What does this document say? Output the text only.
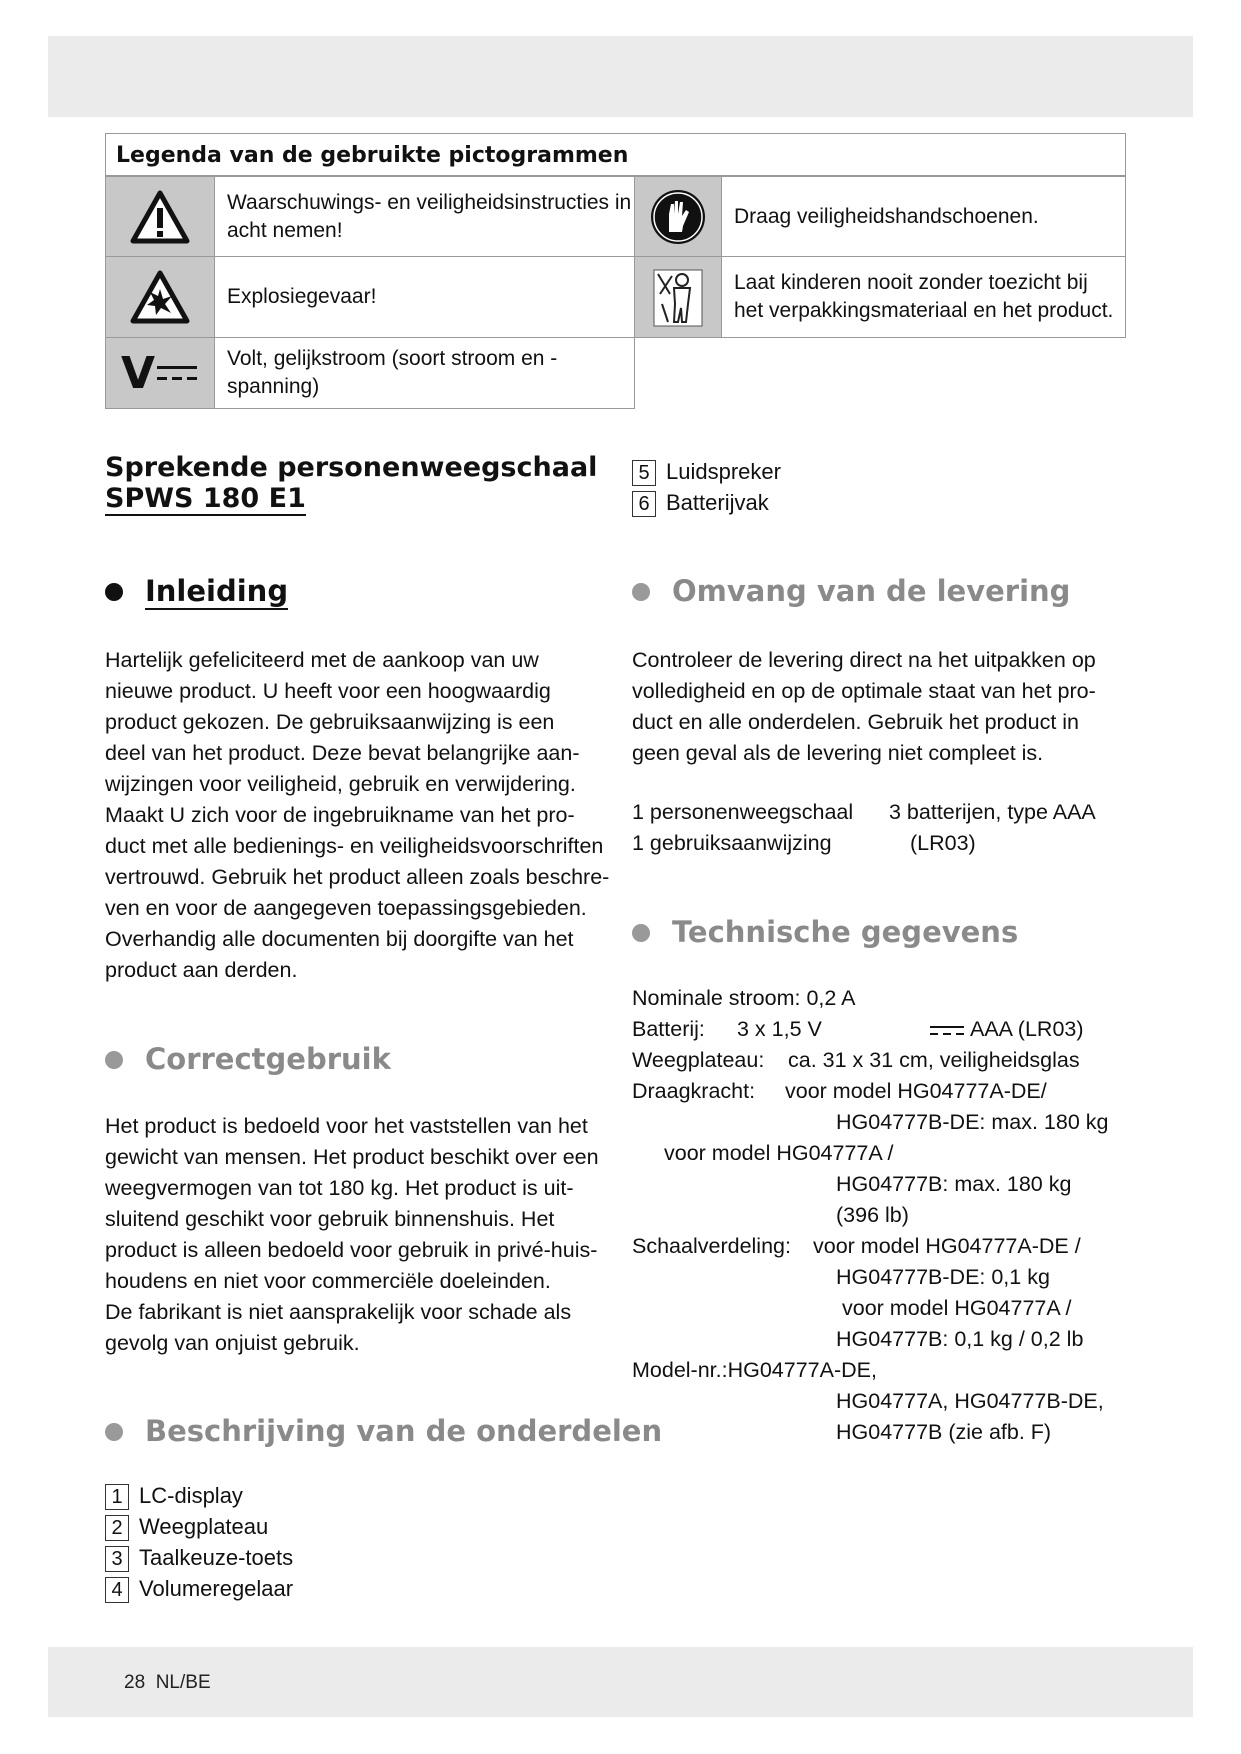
Legenda van de gebruikte pictogrammen
Waarschuwings- en veiligheidsinstructies in acht nemen!
Explosiegevaar!
V	Volt, gelijkstroom (soort stroom en -spanning)
Draag veiligheidshandschoenen.
Laat kinderen nooit zonder toezicht bij het verpakkingsmateriaal en het product.
Sprekende personenweegschaal
SPWS 180 E1
5 Luidspreker
6 Batterijvak
Inleiding
Hartelijk gefeliciteerd met de aankoop van uw
nieuwe product. U heeft voor een hoogwaardig
product gekozen. De gebruiksaanwijzing is een
deel van het product. Deze bevat belangrijke aan-
wijzingen voor veiligheid, gebruik en verwijdering.
Maakt U zich voor de ingebruikname van het pro-
duct met alle bedienings- en veiligheidsvoorschriften
vertrouwd. Gebruik het product alleen zoals beschre-
ven en voor de aangegeven toepassingsgebieden.
Overhandig alle documenten bij doorgifte van het
product aan derden.
Correctgebruik
Het product is bedoeld voor het vaststellen van het
gewicht van mensen. Het product beschikt over een
weegvermogen van tot 180 kg. Het product is uit-
sluitend geschikt voor gebruik binnenshuis. Het
product is alleen bedoeld voor gebruik in privé-huis-
houdens en niet voor commerciële doeleinden.
De fabrikant is niet aansprakelijk voor schade als
gevolg van onjuist gebruik.
Beschrijving van de onderdelen
1 LC-display
2 Weegplateau
3 Taalkeuze-toets
4 Volumeregelaar
Omvang van de levering
Controleer de levering direct na het uitpakken op
volledigheid en op de optimale staat van het pro-
duct en alle onderdelen. Gebruik het product in
geen geval als de levering niet compleet is.
1 personenweegschaal
1 gebruiksaanwijzing
3 batterijen, type AAA
(LR03)
Technische gegevens
Nominale stroom: 0,2 A
Batterij: 3 x 1,5 V	AAA (LR03)
Weegplateau: ca. 31 x 31 cm, veiligheidsglas
Draagkracht: voor model HG04777A-DE/
HG04777B-DE: max. 180 kg
voor model HG04777A /
HG04777B: max. 180 kg
(396 lb)
Schaalverdeling: voor model HG04777A-DE /
HG04777B-DE: 0,1 kg
voor model HG04777A /
HG04777B: 0,1 kg / 0,2 lb
Model-nr.:HG04777A-DE,
HG04777A, HG04777B-DE,
HG04777B (zie afb. F)
28 NL/BE
